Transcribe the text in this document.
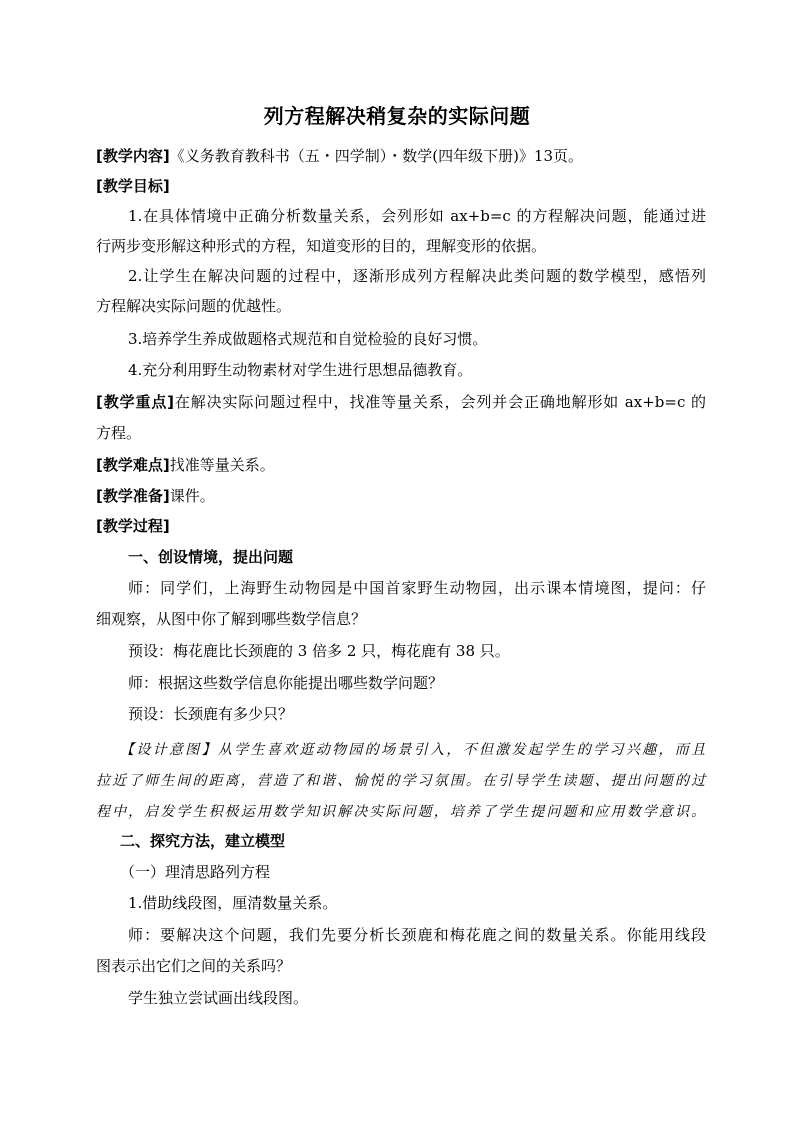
列方程解决稍复杂的实际问题
[教学内容]《义务教育教科书（五・四学制）・数学(四年级下册)》13页。
[教学目标]
1.在具体情境中正确分析数量关系，会列形如 ax+b=c 的方程解决问题，能通过进
行两步变形解这种形式的方程，知道变形的目的，理解变形的依据。
2.让学生在解决问题的过程中，逐渐形成列方程解决此类问题的数学模型，感悟列
方程解决实际问题的优越性。
3.培养学生养成做题格式规范和自觉检验的良好习惯。
4.充分利用野生动物素材对学生进行思想品德教育。
[教学重点]在解决实际问题过程中，找准等量关系，会列并会正确地解形如 ax+b=c 的
方程。
[教学难点]找准等量关系。
[教学准备]课件。
[教学过程]
一、创设情境，提出问题
师：同学们，上海野生动物园是中国首家野生动物园，出示课本情境图，提问：仔
细观察，从图中你了解到哪些数学信息？
预设：梅花鹿比长颈鹿的 3 倍多 2 只，梅花鹿有 38 只。
师：根据这些数学信息你能提出哪些数学问题？
预设：长颈鹿有多少只？
【设计意图】从学生喜欢逛动物园的场景引入，不但激发起学生的学习兴趣，而且
拉近了师生间的距离，营造了和谐、愉悦的学习氛围。在引导学生读题、提出问题的过
程中，启发学生积极运用数学知识解决实际问题，培养了学生提问题和应用数学意识。
二、探究方法，建立模型
（一）理清思路列方程
1.借助线段图，厘清数量关系。
师：要解决这个问题，我们先要分析长颈鹿和梅花鹿之间的数量关系。你能用线段
图表示出它们之间的关系吗？
学生独立尝试画出线段图。
